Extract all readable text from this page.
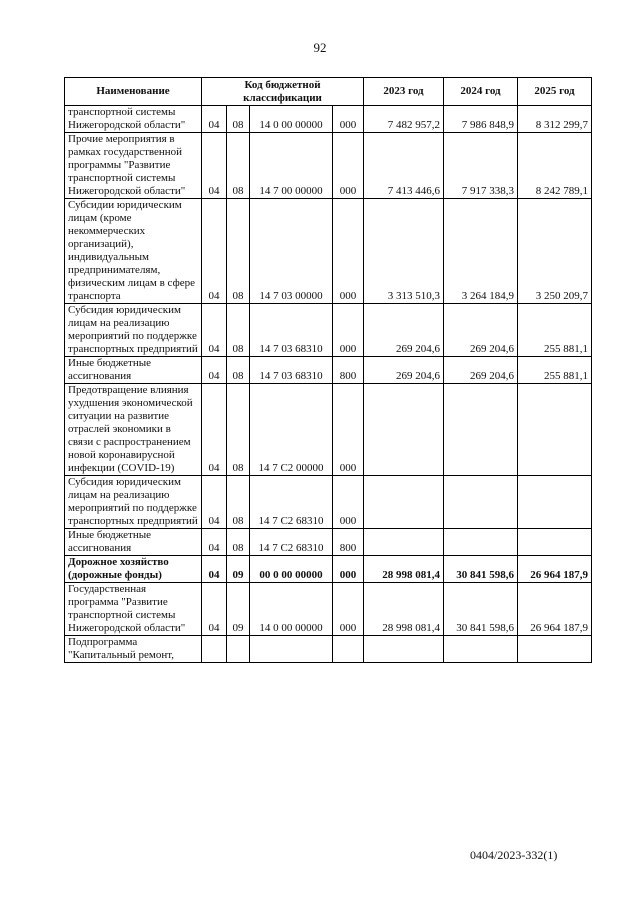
92
Наименование	Код бюджетной классификации				2023 год	2024 год	2025 год
транспортной системы Нижегородской области"	04	08	14 0 00 00000	000	7 482 957,2	7 986 848,9	8 312 299,7
Прочие мероприятия в рамках государственной программы "Развитие транспортной системы Нижегородской области"	04	08	14 7 00 00000	000	7 413 446,6	7 917 338,3	8 242 789,1
Субсидии юридическим лицам (кроме некоммерческих организаций), индивидуальным предпринимателям, физическим лицам в сфере транспорта	04	08	14 7 03 00000	000	3 313 510,3	3 264 184,9	3 250 209,7
Субсидия юридическим лицам на реализацию мероприятий по поддержке транспортных предприятий	04	08	14 7 03 68310	000	269 204,6	269 204,6	255 881,1
Иные бюджетные ассигнования	04	08	14 7 03 68310	800	269 204,6	269 204,6	255 881,1
Предотвращение влияния ухудшения экономической ситуации на развитие отраслей экономики в связи с распространением новой коронавирусной инфекции (COVID-19)	04	08	14 7 C2 00000	000			
Субсидия юридическим лицам на реализацию мероприятий по поддержке транспортных предприятий	04	08	14 7 C2 68310	000			
Иные бюджетные ассигнования	04	08	14 7 C2 68310	800			
Дорожное хозяйство (дорожные фонды)	04	09	00 0 00 00000	000	28 998 081,4	30 841 598,6	26 964 187,9
Государственная программа "Развитие транспортной системы Нижегородской области"	04	09	14 0 00 00000	000	28 998 081,4	30 841 598,6	26 964 187,9
Подпрограмма "Капитальный ремонт,							
0404/2023-332(1)
